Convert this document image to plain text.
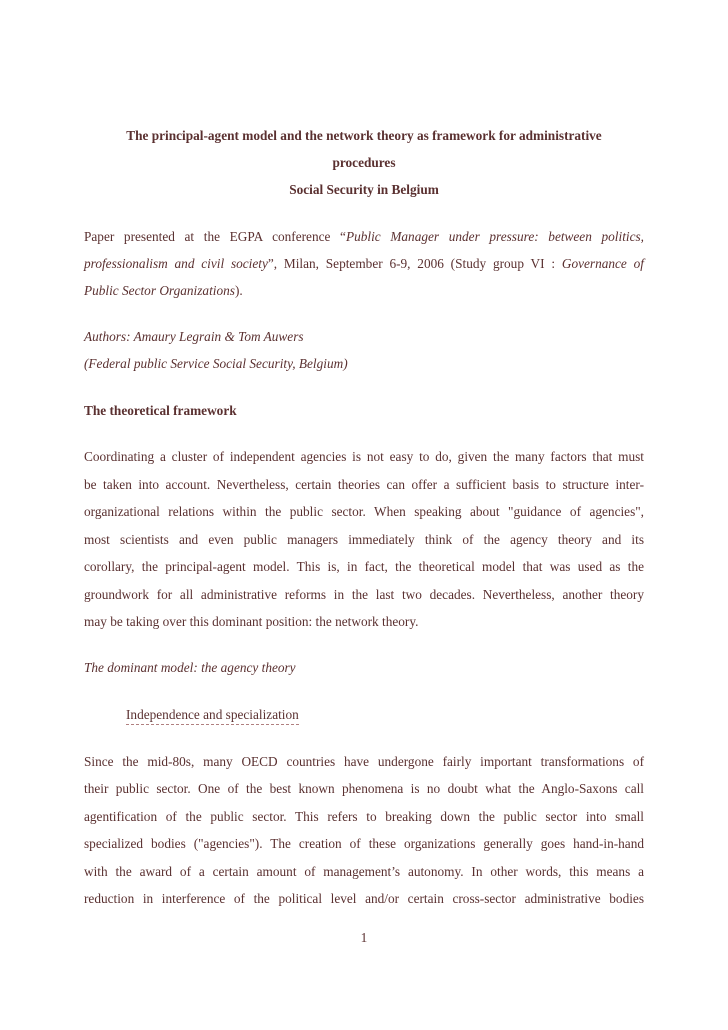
The principal-agent model and the network theory as framework for administrative
procedures
Social Security in Belgium
Paper presented at the EGPA conference “Public Manager under pressure: between politics,
professionalism and civil society”, Milan, September 6-9, 2006 (Study group VI : Governance of
Public Sector Organizations).
Authors: Amaury Legrain & Tom Auwers
(Federal public Service Social Security, Belgium)
The theoretical framework
Coordinating a cluster of independent agencies is not easy to do, given the many factors that must
be taken into account. Nevertheless, certain theories can offer a sufficient basis to structure inter-
organizational relations within the public sector. When speaking about "guidance of agencies",
most scientists and even public managers immediately think of the agency theory and its
corollary, the principal-agent model. This is, in fact, the theoretical model that was used as the
groundwork for all administrative reforms in the last two decades. Nevertheless, another theory
may be taking over this dominant position: the network theory.
The dominant model: the agency theory
Independence and specialization
Since the mid-80s, many OECD countries have undergone fairly important transformations of
their public sector. One of the best known phenomena is no doubt what the Anglo-Saxons call
agentification of the public sector. This refers to breaking down the public sector into small
specialized bodies ("agencies"). The creation of these organizations generally goes hand-in-hand
with the award of a certain amount of management’s autonomy. In other words, this means a
reduction in interference of the political level and/or certain cross-sector administrative bodies
1
